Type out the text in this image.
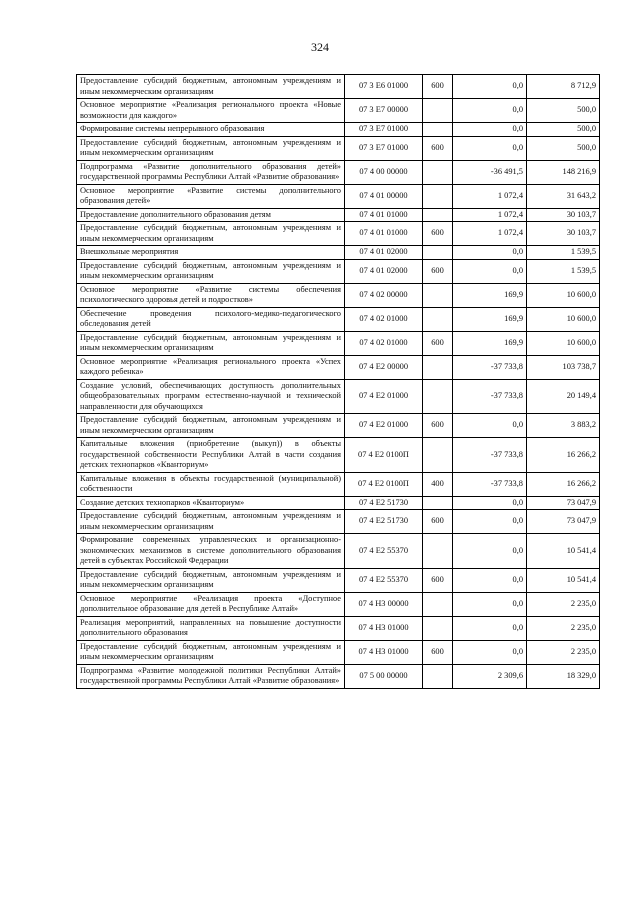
324
Предоставление субсидий бюджетным, автономным учреждениям и иным некоммерческим организациям	07 3 E6 01000	600	0,0	8 712,9
Основное мероприятие «Реализация регионального проекта «Новые возможности для каждого»	07 3 E7 00000		0,0	500,0
Формирование системы непрерывного образования	07 3 E7 01000		0,0	500,0
Предоставление субсидий бюджетным, автономным учреждениям и иным некоммерческим организациям	07 3 E7 01000	600	0,0	500,0
Подпрограмма «Развитие дополнительного образования детей» государственной программы Республики Алтай «Развитие образования»	07 4 00 00000		-36 491,5	148 216,9
Основное мероприятие «Развитие системы дополнительного образования детей»	07 4 01 00000		1 072,4	31 643,2
Предоставление дополнительного образования детям	07 4 01 01000		1 072,4	30 103,7
Предоставление субсидий бюджетным, автономным учреждениям и иным некоммерческим организациям	07 4 01 01000	600	1 072,4	30 103,7
Внешкольные мероприятия	07 4 01 02000		0,0	1 539,5
Предоставление субсидий бюджетным, автономным учреждениям и иным некоммерческим организациям	07 4 01 02000	600	0,0	1 539,5
Основное мероприятие «Развитие системы обеспечения психологического здоровья детей и подростков»	07 4 02 00000		169,9	10 600,0
Обеспечение проведения психолого-медико-педагогического обследования детей	07 4 02 01000		169,9	10 600,0
Предоставление субсидий бюджетным, автономным учреждениям и иным некоммерческим организациям	07 4 02 01000	600	169,9	10 600,0
Основное мероприятие «Реализация регионального проекта «Успех каждого ребенка»	07 4 E2 00000		-37 733,8	103 738,7
Создание условий, обеспечивающих доступность дополнительных общеобразовательных программ естественно-научной и технической направленности для обучающихся	07 4 E2 01000		-37 733,8	20 149,4
Предоставление субсидий бюджетным, автономным учреждениям и иным некоммерческим организациям	07 4 E2 01000	600	0,0	3 883,2
Капитальные вложения (приобретение (выкуп)) в объекты государственной собственности Республики Алтай в части создания детских технопарков «Кванториум»	07 4 E2 0100П		-37 733,8	16 266,2
Капитальные вложения в объекты государственной (муниципальной) собственности	07 4 E2 0100П	400	-37 733,8	16 266,2
Создание детских технопарков «Кванториум»	07 4 E2 51730		0,0	73 047,9
Предоставление субсидий бюджетным, автономным учреждениям и иным некоммерческим организациям	07 4 E2 51730	600	0,0	73 047,9
Формирование современных управленческих и организационно-экономических механизмов в системе дополнительного образования детей в субъектах Российской Федерации	07 4 E2 55370		0,0	10 541,4
Предоставление субсидий бюджетным, автономным учреждениям и иным некоммерческим организациям	07 4 E2 55370	600	0,0	10 541,4
Основное мероприятие «Реализация проекта «Доступное дополнительное образование для детей в Республике Алтай»	07 4 Н3 00000		0,0	2 235,0
Реализация мероприятий, направленных на повышение доступности дополнительного образования	07 4 Н3 01000		0,0	2 235,0
Предоставление субсидий бюджетным, автономным учреждениям и иным некоммерческим организациям	07 4 Н3 01000	600	0,0	2 235,0
Подпрограмма «Развитие молодежной политики Республики Алтай» государственной программы Республики Алтай «Развитие образования»	07 5 00 00000		2 309,6	18 329,0
